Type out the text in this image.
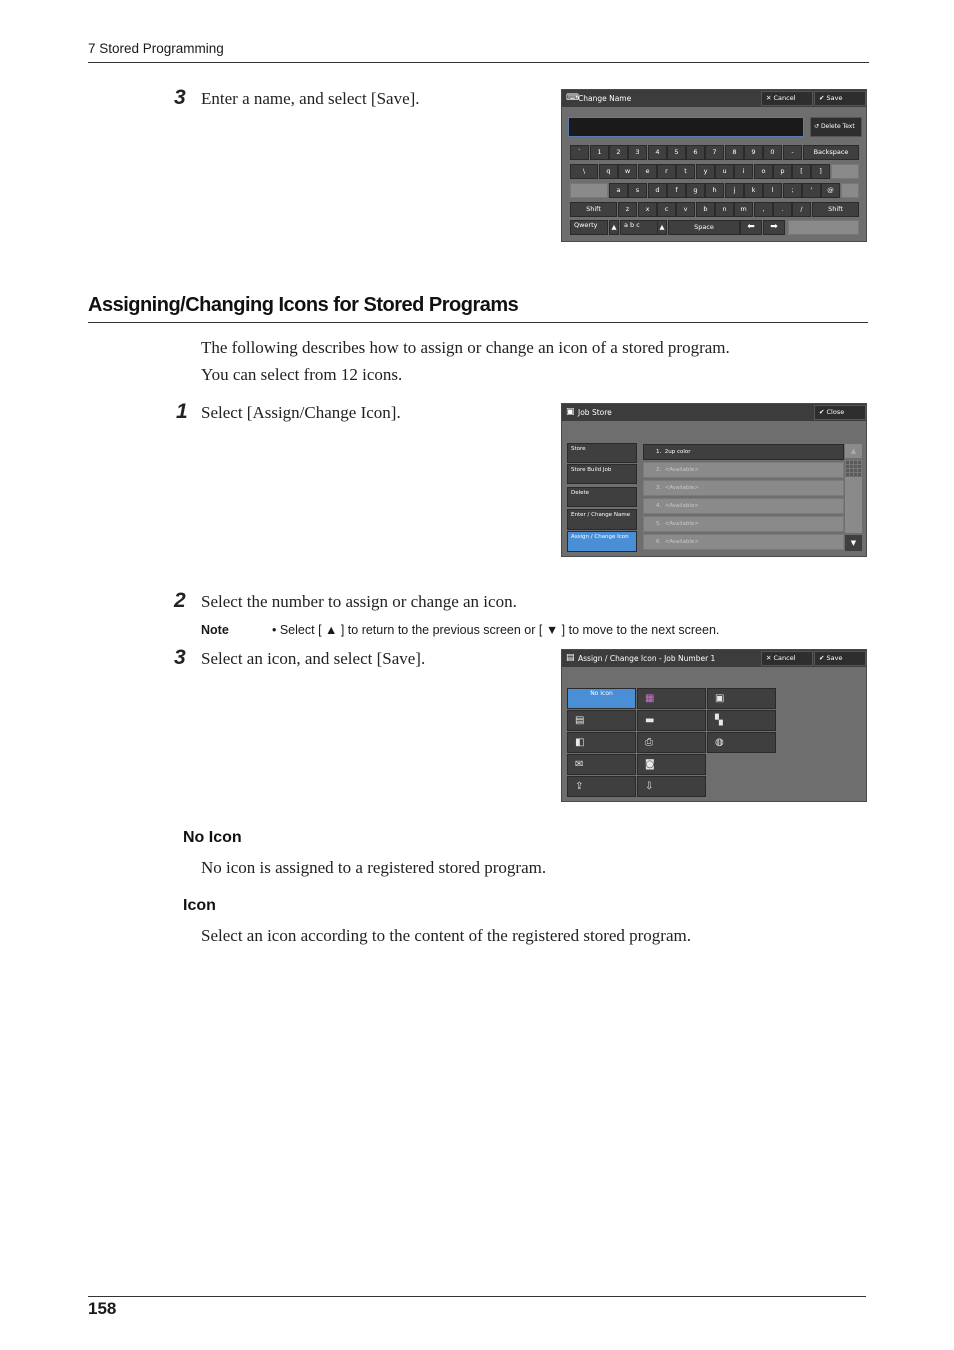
7 Stored Programming
3 Enter a name, and select [Save].	⌨ Change Name	✕ Cancel	✔ Save
↺ Delete Text
`	1	2	3	4	5	6	7	8	9	0	-	Backspace
\	q	w	e	r	t	y	u	i	o	p	[	]
a	s	d	f	g	h	j	k	l	;	'	@
Shift	z	x	c	v	b	n	m	,	.	/	Shift
Qwerty	▲	a b c	▲	Space	⬅	➡
Assigning/Changing Icons for Stored Programs
The following describes how to assign or change an icon of a stored program.
You can select from 12 icons.
1 Select [Assign/Change Icon].	▣ Job Store	✔ Close
Store
Store Build Job
Delete
Enter / Change Name
Assign / Change Icon
1. 2up color
2. <Available>
3. <Available>
4. <Available>
5. <Available>
6. <Available>
▲
▼
2 Select the number to assign or change an icon.
Note	• Select [ ▲ ] to return to the previous screen or [ ▼ ] to move to the next screen.
3 Select an icon, and select [Save].	▤ Assign / Change Icon - Job Number 1	✕ Cancel	✔ Save
No Icon	▦	▣
▤	▬	▚
◧	⎙	◍
✉	◙
⇪	⇩
No Icon
No icon is assigned to a registered stored program.
Icon
Select an icon according to the content of the registered stored program.
158
